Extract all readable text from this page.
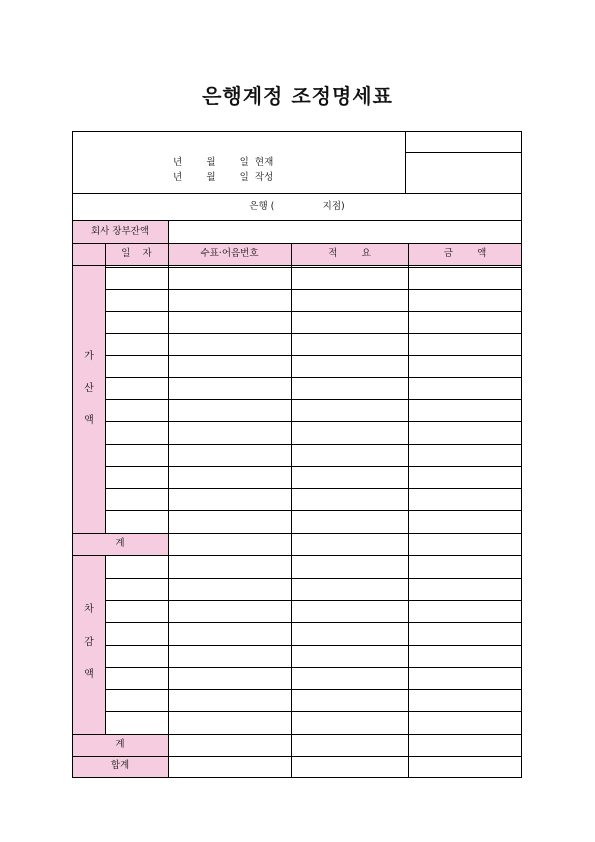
은행계정 조정명세표
년        월        일  현재
년        월        일  작성
은행 (                지점)
회사 장부잔액
일    자	수표·어음번호	적        요	금        액
가
산
액
계
차
감
액
계
합계
